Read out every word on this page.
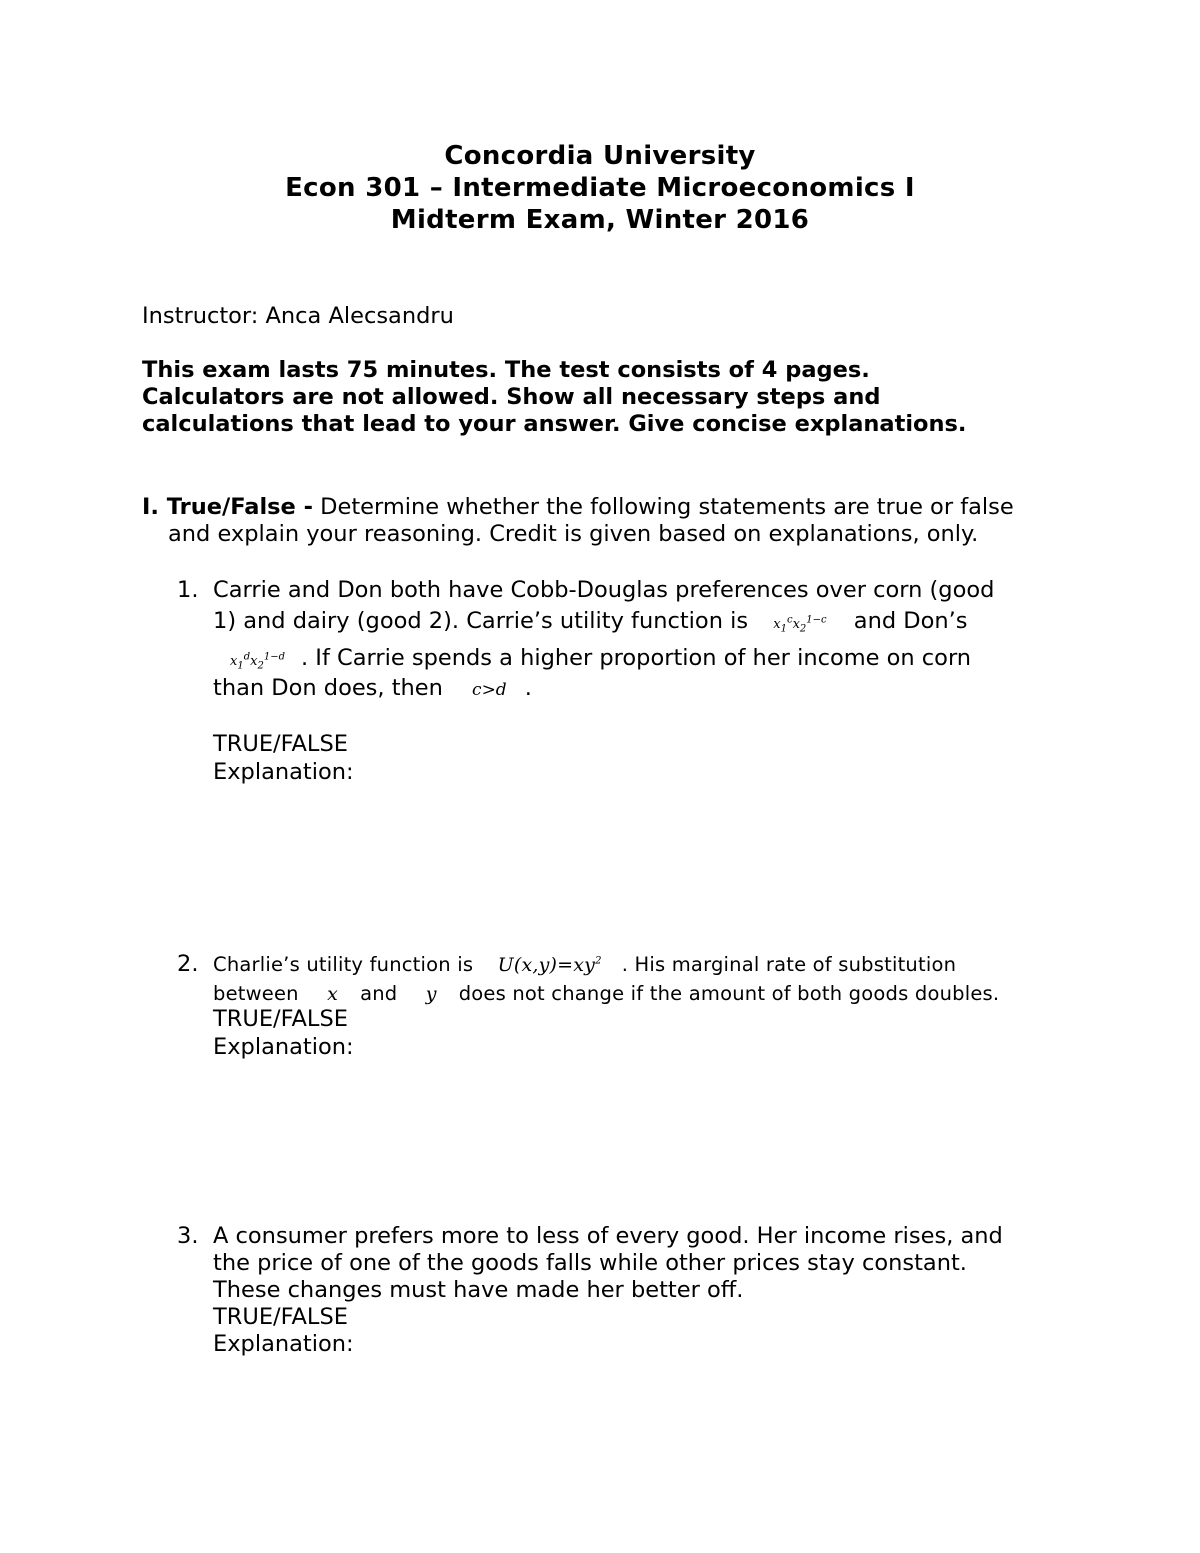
Concordia University
Econ 301 – Intermediate Microeconomics I
Midterm Exam, Winter 2016
Instructor: Anca Alecsandru
This exam lasts 75 minutes. The test consists of 4 pages.
Calculators are not allowed. Show all necessary steps and
calculations that lead to your answer. Give concise explanations.
I. True/False - Determine whether the following statements are true or false
and explain your reasoning. Credit is given based on explanations, only.
1. Carrie and Don both have Cobb-Douglas preferences over corn (good
1) and dairy (good 2). Carrie’s utility function is $x_1^cx_2^{1-c}$ and Don’s
$x_1^dx_2^{1-d}$ . If Carrie spends a higher proportion of her income on corn
than Don does, then c>d .
TRUE/FALSE
Explanation:
2. Charlie’s utility function is $U(x,y)=xy^2$ . His marginal rate of substitution
between x and y does not change if the amount of both goods doubles.
TRUE/FALSE
Explanation:
3. A consumer prefers more to less of every good. Her income rises, and
the price of one of the goods falls while other prices stay constant.
These changes must have made her better off.
TRUE/FALSE
Explanation:
